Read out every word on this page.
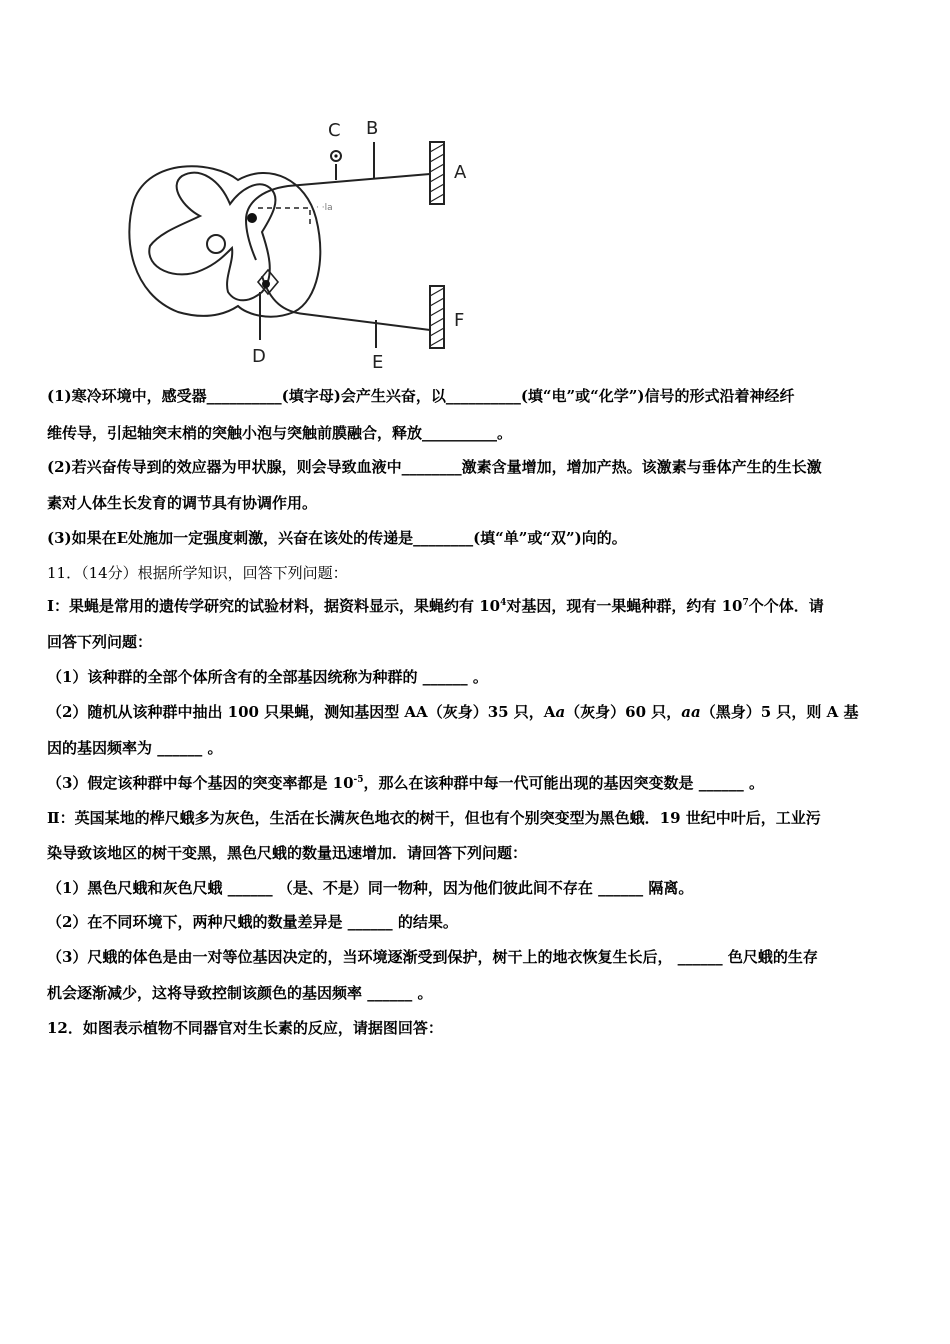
C B
A
F
D	E
· ·la
(1)寒冷环境中，感受器__________(填字母)会产生兴奋，以__________(填“电”或“化学”)信号的形式沿着神经纤
维传导，引起轴突末梢的突触小泡与突触前膜融合，释放__________。
(2)若兴奋传导到的效应器为甲状腺，则会导致血液中________激素含量增加，增加产热。该激素与垂体产生的生长激
素对人体生长发育的调节具有协调作用。
(3)如果在E处施加一定强度刺激，兴奋在该处的传递是________(填“单”或“双”)向的。
11．（14分）根据所学知识，回答下列问题：
Ⅰ：果蝇是常用的遗传学研究的试验材料，据资料显示，果蝇约有 $10^4$对基因，现有一果蝇种群，约有 $10^7$个个体．请
回答下列问题：
（1）该种群的全部个体所含有的全部基因统称为种群的 ______ 。
（2）随机从该种群中抽出 100 只果蝇，测知基因型 AA（灰身）35 只，Aa（灰身）60 只，aa（黑身）5 只，则 A 基
因的基因频率为 ______ 。
（3）假定该种群中每个基因的突变率都是 $10^{-5}$，那么在该种群中每一代可能出现的基因突变数是 ______ 。
Ⅱ：英国某地的桦尺蛾多为灰色，生活在长满灰色地衣的树干，但也有个别突变型为黑色蛾．19 世纪中叶后，工业污
染导致该地区的树干变黑，黑色尺蛾的数量迅速增加．请回答下列问题：
（1）黑色尺蛾和灰色尺蛾 ______ （是、不是）同一物种，因为他们彼此间不存在 ______ 隔离。
（2）在不同环境下，两种尺蛾的数量差异是 ______ 的结果。
（3）尺蛾的体色是由一对等位基因决定的，当环境逐渐受到保护，树干上的地衣恢复生长后， ______ 色尺蛾的生存
机会逐渐减少，这将导致控制该颜色的基因频率 ______ 。
12．如图表示植物不同器官对生长素的反应，请据图回答：
